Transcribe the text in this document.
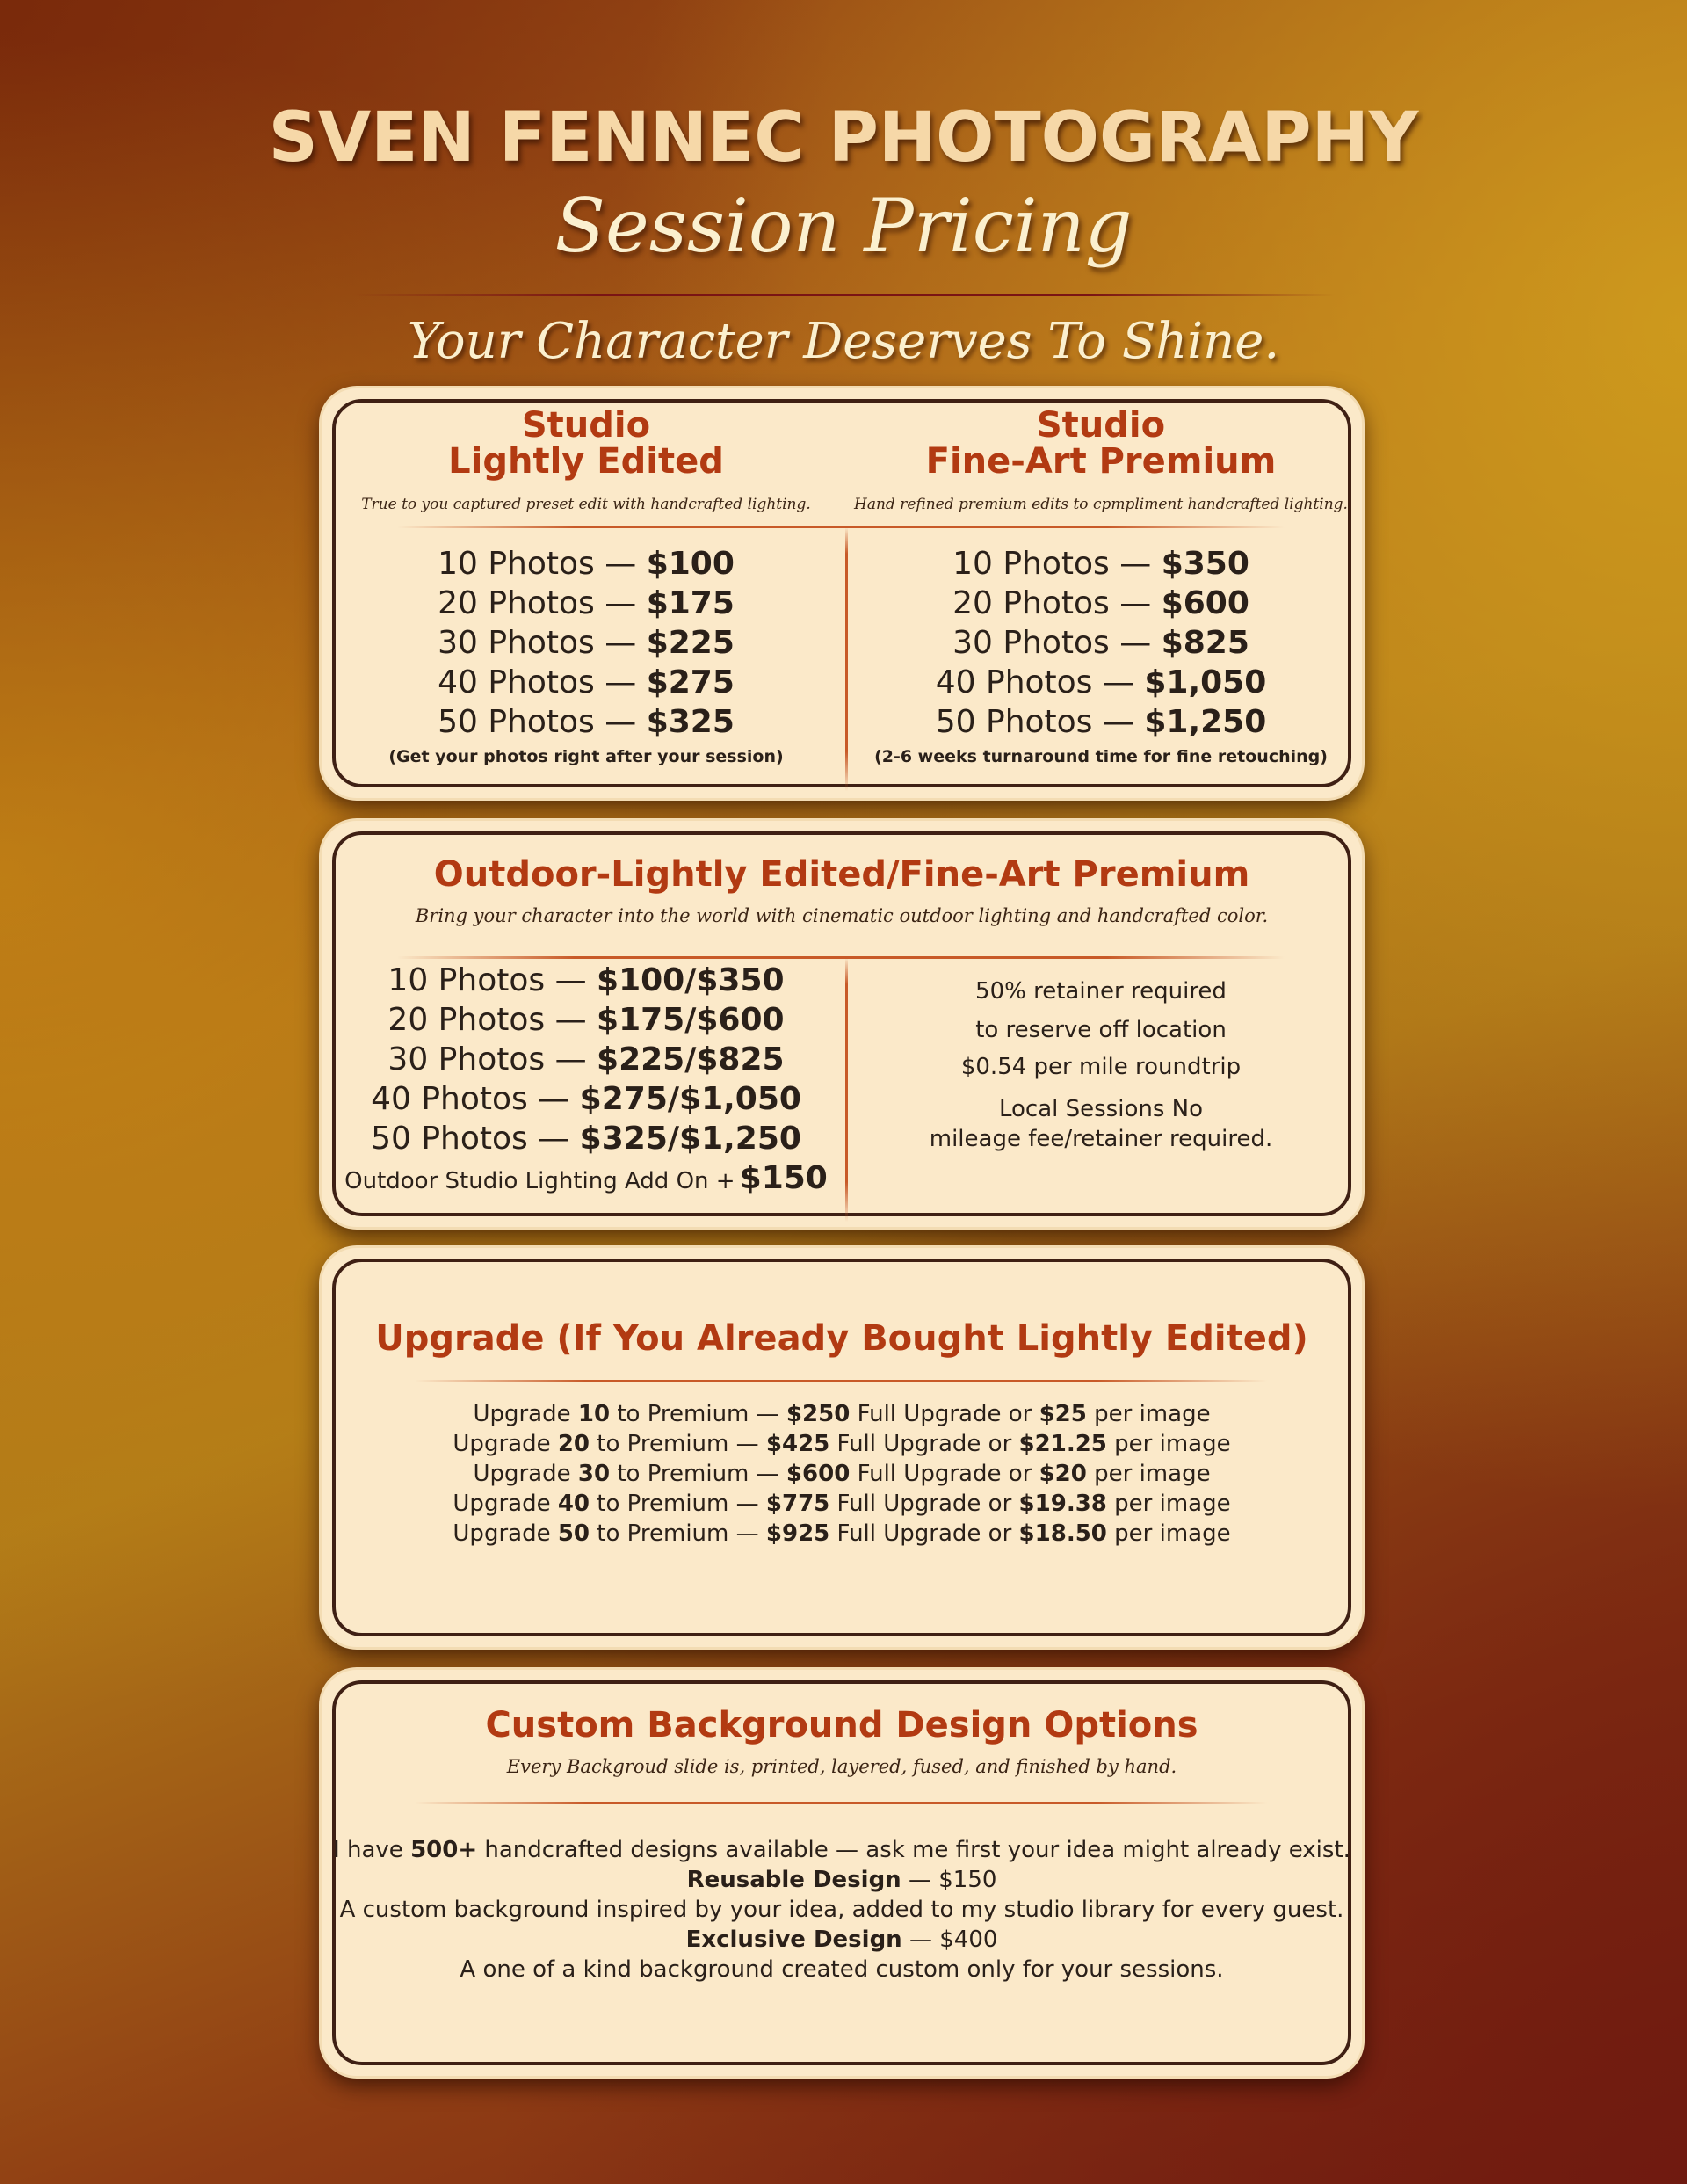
SVEN FENNEC PHOTOGRAPHY
Session Pricing
Your Character Deserves To Shine.
Studio
Lightly Edited
True to you captured preset edit with handcrafted lighting.
Studio
Fine-Art Premium
Hand refined premium edits to cpmpliment handcrafted lighting.
10 Photos — $100
20 Photos — $175
30 Photos — $225
40 Photos — $275
50 Photos — $325
(Get your photos right after your session)
10 Photos — $350
20 Photos — $600
30 Photos — $825
40 Photos — $1,050
50 Photos — $1,250
(2-6 weeks turnaround time for fine retouching)
Outdoor-Lightly Edited/Fine-Art Premium
Bring your character into the world with cinematic outdoor lighting and handcrafted color.
10 Photos — $100/$350
20 Photos — $175/$600
30 Photos — $225/$825
40 Photos — $275/$1,050
50 Photos — $325/$1,250
Outdoor Studio Lighting Add On + $150
50% retainer required
to reserve off location
$0.54 per mile roundtrip
Local Sessions No
mileage fee/retainer required.
Upgrade (If You Already Bought Lightly Edited)
Upgrade 10 to Premium — $250 Full Upgrade or $25 per image
Upgrade 20 to Premium — $425 Full Upgrade or $21.25 per image
Upgrade 30 to Premium — $600 Full Upgrade or $20 per image
Upgrade 40 to Premium — $775 Full Upgrade or $19.38 per image
Upgrade 50 to Premium — $925 Full Upgrade or $18.50 per image
Custom Background Design Options
Every Backgroud slide is, printed, layered, fused, and finished by hand.
I have 500+ handcrafted designs available — ask me first your idea might already exist.
Reusable Design — $150
A custom background inspired by your idea, added to my studio library for every guest.
Exclusive Design — $400
A one of a kind background created custom only for your sessions.
